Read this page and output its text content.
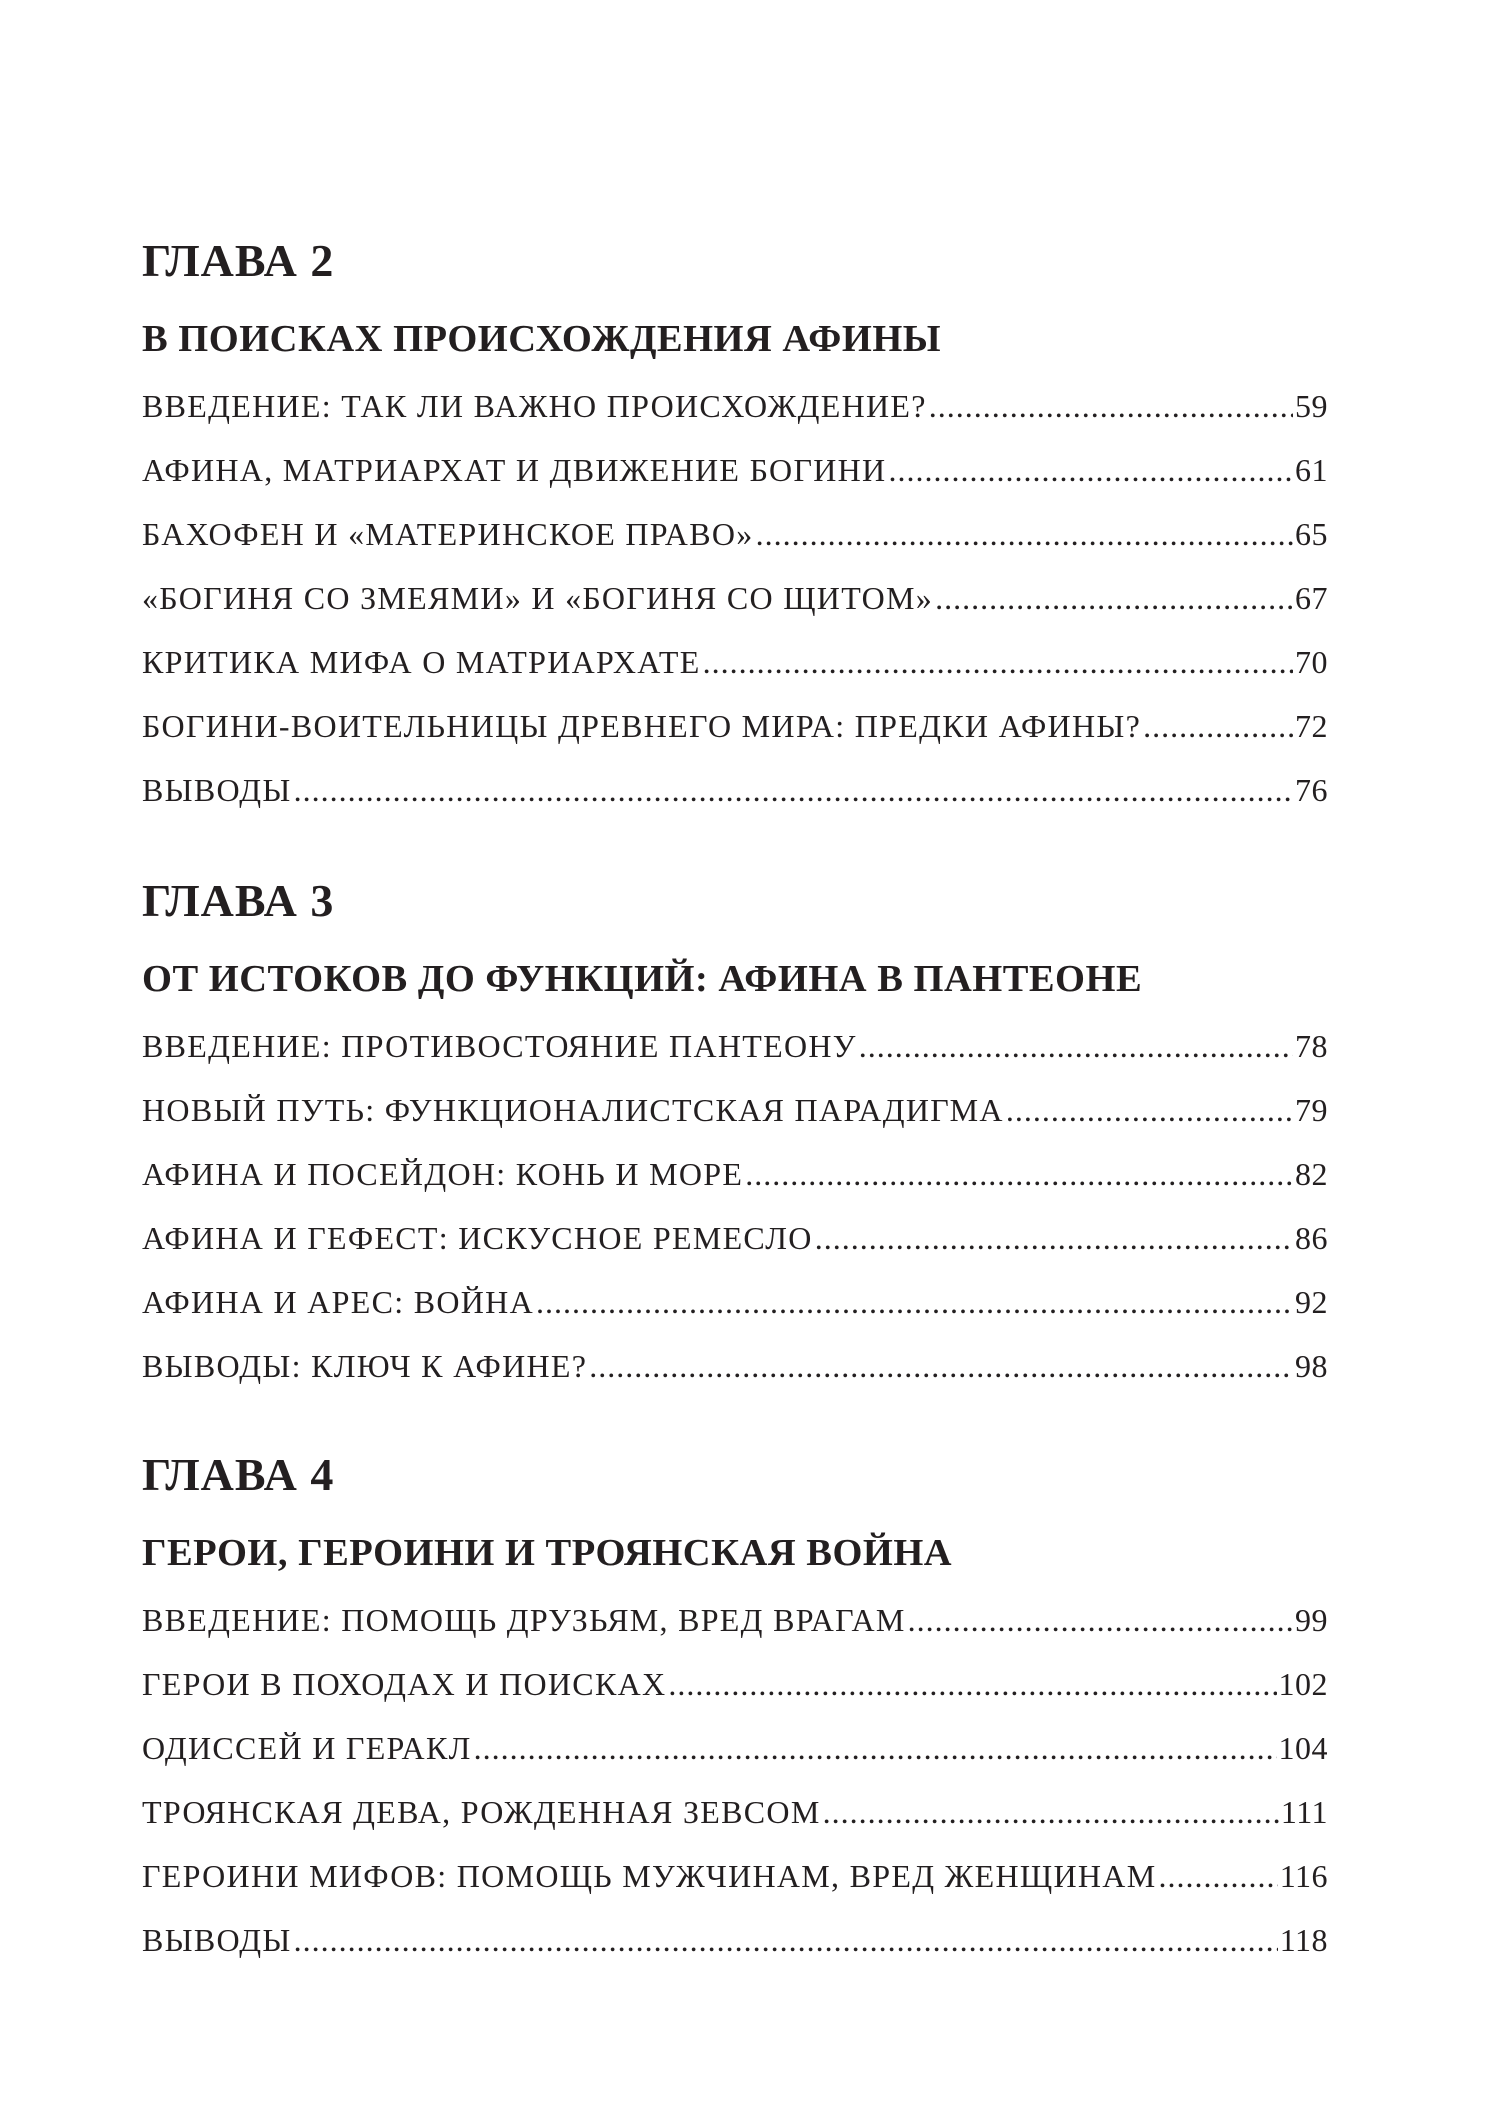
ГЛАВА 2
В ПОИСКАХ ПРОИСХОЖДЕНИЯ АФИНЫ
ВВЕДЕНИЕ: ТАК ЛИ ВАЖНО ПРОИСХОЖДЕНИЕ? .....	59
АФИНА, МАТРИАРХАТ И ДВИЖЕНИЕ БОГИНИ .....	61
БАХОФЕН И «МАТЕРИНСКОЕ ПРАВО» .....	65
«БОГИНЯ СО ЗМЕЯМИ» И «БОГИНЯ СО ЩИТОМ» .....	67
КРИТИКА МИФА О МАТРИАРХАТЕ .....	70
БОГИНИ-ВОИТЕЛЬНИЦЫ ДРЕВНЕГО МИРА: ПРЕДКИ АФИНЫ? .....	72
ВЫВОДЫ .....	76
ГЛАВА 3
ОТ ИСТОКОВ ДО ФУНКЦИЙ: АФИНА В ПАНТЕОНЕ
ВВЕДЕНИЕ: ПРОТИВОСТОЯНИЕ ПАНТЕОНУ .....	78
НОВЫЙ ПУТЬ: ФУНКЦИОНАЛИСТСКАЯ ПАРАДИГМА .....	79
АФИНА И ПОСЕЙДОН: КОНЬ И МОРЕ .....	82
АФИНА И ГЕФЕСТ: ИСКУСНОЕ РЕМЕСЛО .....	86
АФИНА И АРЕС: ВОЙНА .....	92
ВЫВОДЫ: КЛЮЧ К АФИНЕ? .....	98
ГЛАВА 4
ГЕРОИ, ГЕРОИНИ И ТРОЯНСКАЯ ВОЙНА
ВВЕДЕНИЕ: ПОМОЩЬ ДРУЗЬЯМ, ВРЕД ВРАГАМ .....	99
ГЕРОИ В ПОХОДАХ И ПОИСКАХ .....	102
ОДИССЕЙ И ГЕРАКЛ .....	104
ТРОЯНСКАЯ ДЕВА, РОЖДЕННАЯ ЗЕВСОМ .....	111
ГЕРОИНИ МИФОВ: ПОМОЩЬ МУЖЧИНАМ, ВРЕД ЖЕНЩИНАМ .....	116
ВЫВОДЫ .....	118
